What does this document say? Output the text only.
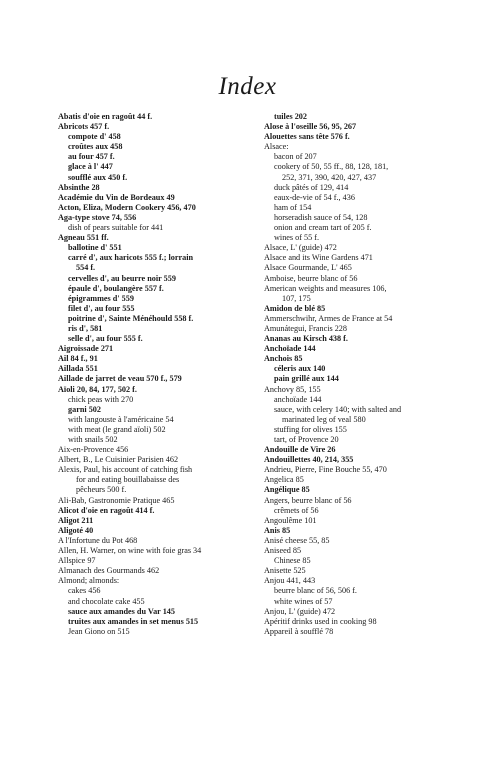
Index
Abatis d'oie en ragoût 44 f.
Abricots 457 f.
compote d' 458
croûtes aux 458
au four 457 f.
glace à l' 447
soufflé aux 450 f.
Absinthe 28
Académie du Vin de Bordeaux 49
Acton, Eliza, Modern Cookery 456, 470
Aga-type stove 74, 556
dish of pears suitable for 441
Agneau 551 ff.
ballotine d' 551
carré d', aux haricots 555 f.; lorrain
554 f.
cervelles d', au beurre noir 559
épaule d', boulangère 557 f.
épigrammes d' 559
filet d', au four 555
poitrine d', Sainte Ménéhould 558 f.
ris d', 581
selle d', au four 555 f.
Aigroissade 271
Ail 84 f., 91
Aillada 551
Aillade de jarret de veau 570 f., 579
Aïoli 20, 84, 177, 502 f.
chick peas with 270
garni 502
with langouste à l'américaine 54
with meat (le grand aïoli) 502
with snails 502
Aix-en-Provence 456
Albert, B., Le Cuisinier Parisien 462
Alexis, Paul, his account of catching fish
for and eating bouillabaisse des
pêcheurs 500 f.
Ali-Bab, Gastronomie Pratique 465
Alicot d'oie en ragoût 414 f.
Aligot 211
Aligoté 40
A l'Infortune du Pot 468
Allen, H. Warner, on wine with foie gras 34
Allspice 97
Almanach des Gourmands 462
Almond; almonds:
cakes 456
and chocolate cake 455
sauce aux amandes du Var 145
truites aux amandes in set menus 515
Jean Giono on 515
tuiles 202
Alose à l'oseille 56, 95, 267
Alouettes sans tête 576 f.
Alsace:
bacon of 207
cookery of 50, 55 ff., 88, 128, 181,
252, 371, 390, 420, 427, 437
duck pâtés of 129, 414
eaux-de-vie of 54 f., 436
ham of 154
horseradish sauce of 54, 128
onion and cream tart of 205 f.
wines of 55 f.
Alsace, L' (guide) 472
Alsace and its Wine Gardens 471
Alsace Gourmande, L' 465
Amboise, beurre blanc of 56
American weights and measures 106,
107, 175
Amidon de blé 85
Ammerschwihr, Armes de France at 54
Amunátegui, Francis 228
Ananas au Kirsch 438 f.
Anchoïade 144
Anchois 85
céleris aux 140
pain grillé aux 144
Anchovy 85, 155
anchoïade 144
sauce, with celery 140; with salted and
marinated leg of veal 580
stuffing for olives 155
tart, of Provence 20
Andouille de Vire 26
Andouillettes 40, 214, 355
Andrieu, Pierre, Fine Bouche 55, 470
Angelica 85
Angélique 85
Angers, beurre blanc of 56
crêmets of 56
Angoulême 101
Anis 85
Anisé cheese 55, 85
Aniseed 85
Chinese 85
Anisette 525
Anjou 441, 443
beurre blanc of 56, 506 f.
white wines of 57
Anjou, L' (guide) 472
Apéritif drinks used in cooking 98
Appareil à soufflé 78
